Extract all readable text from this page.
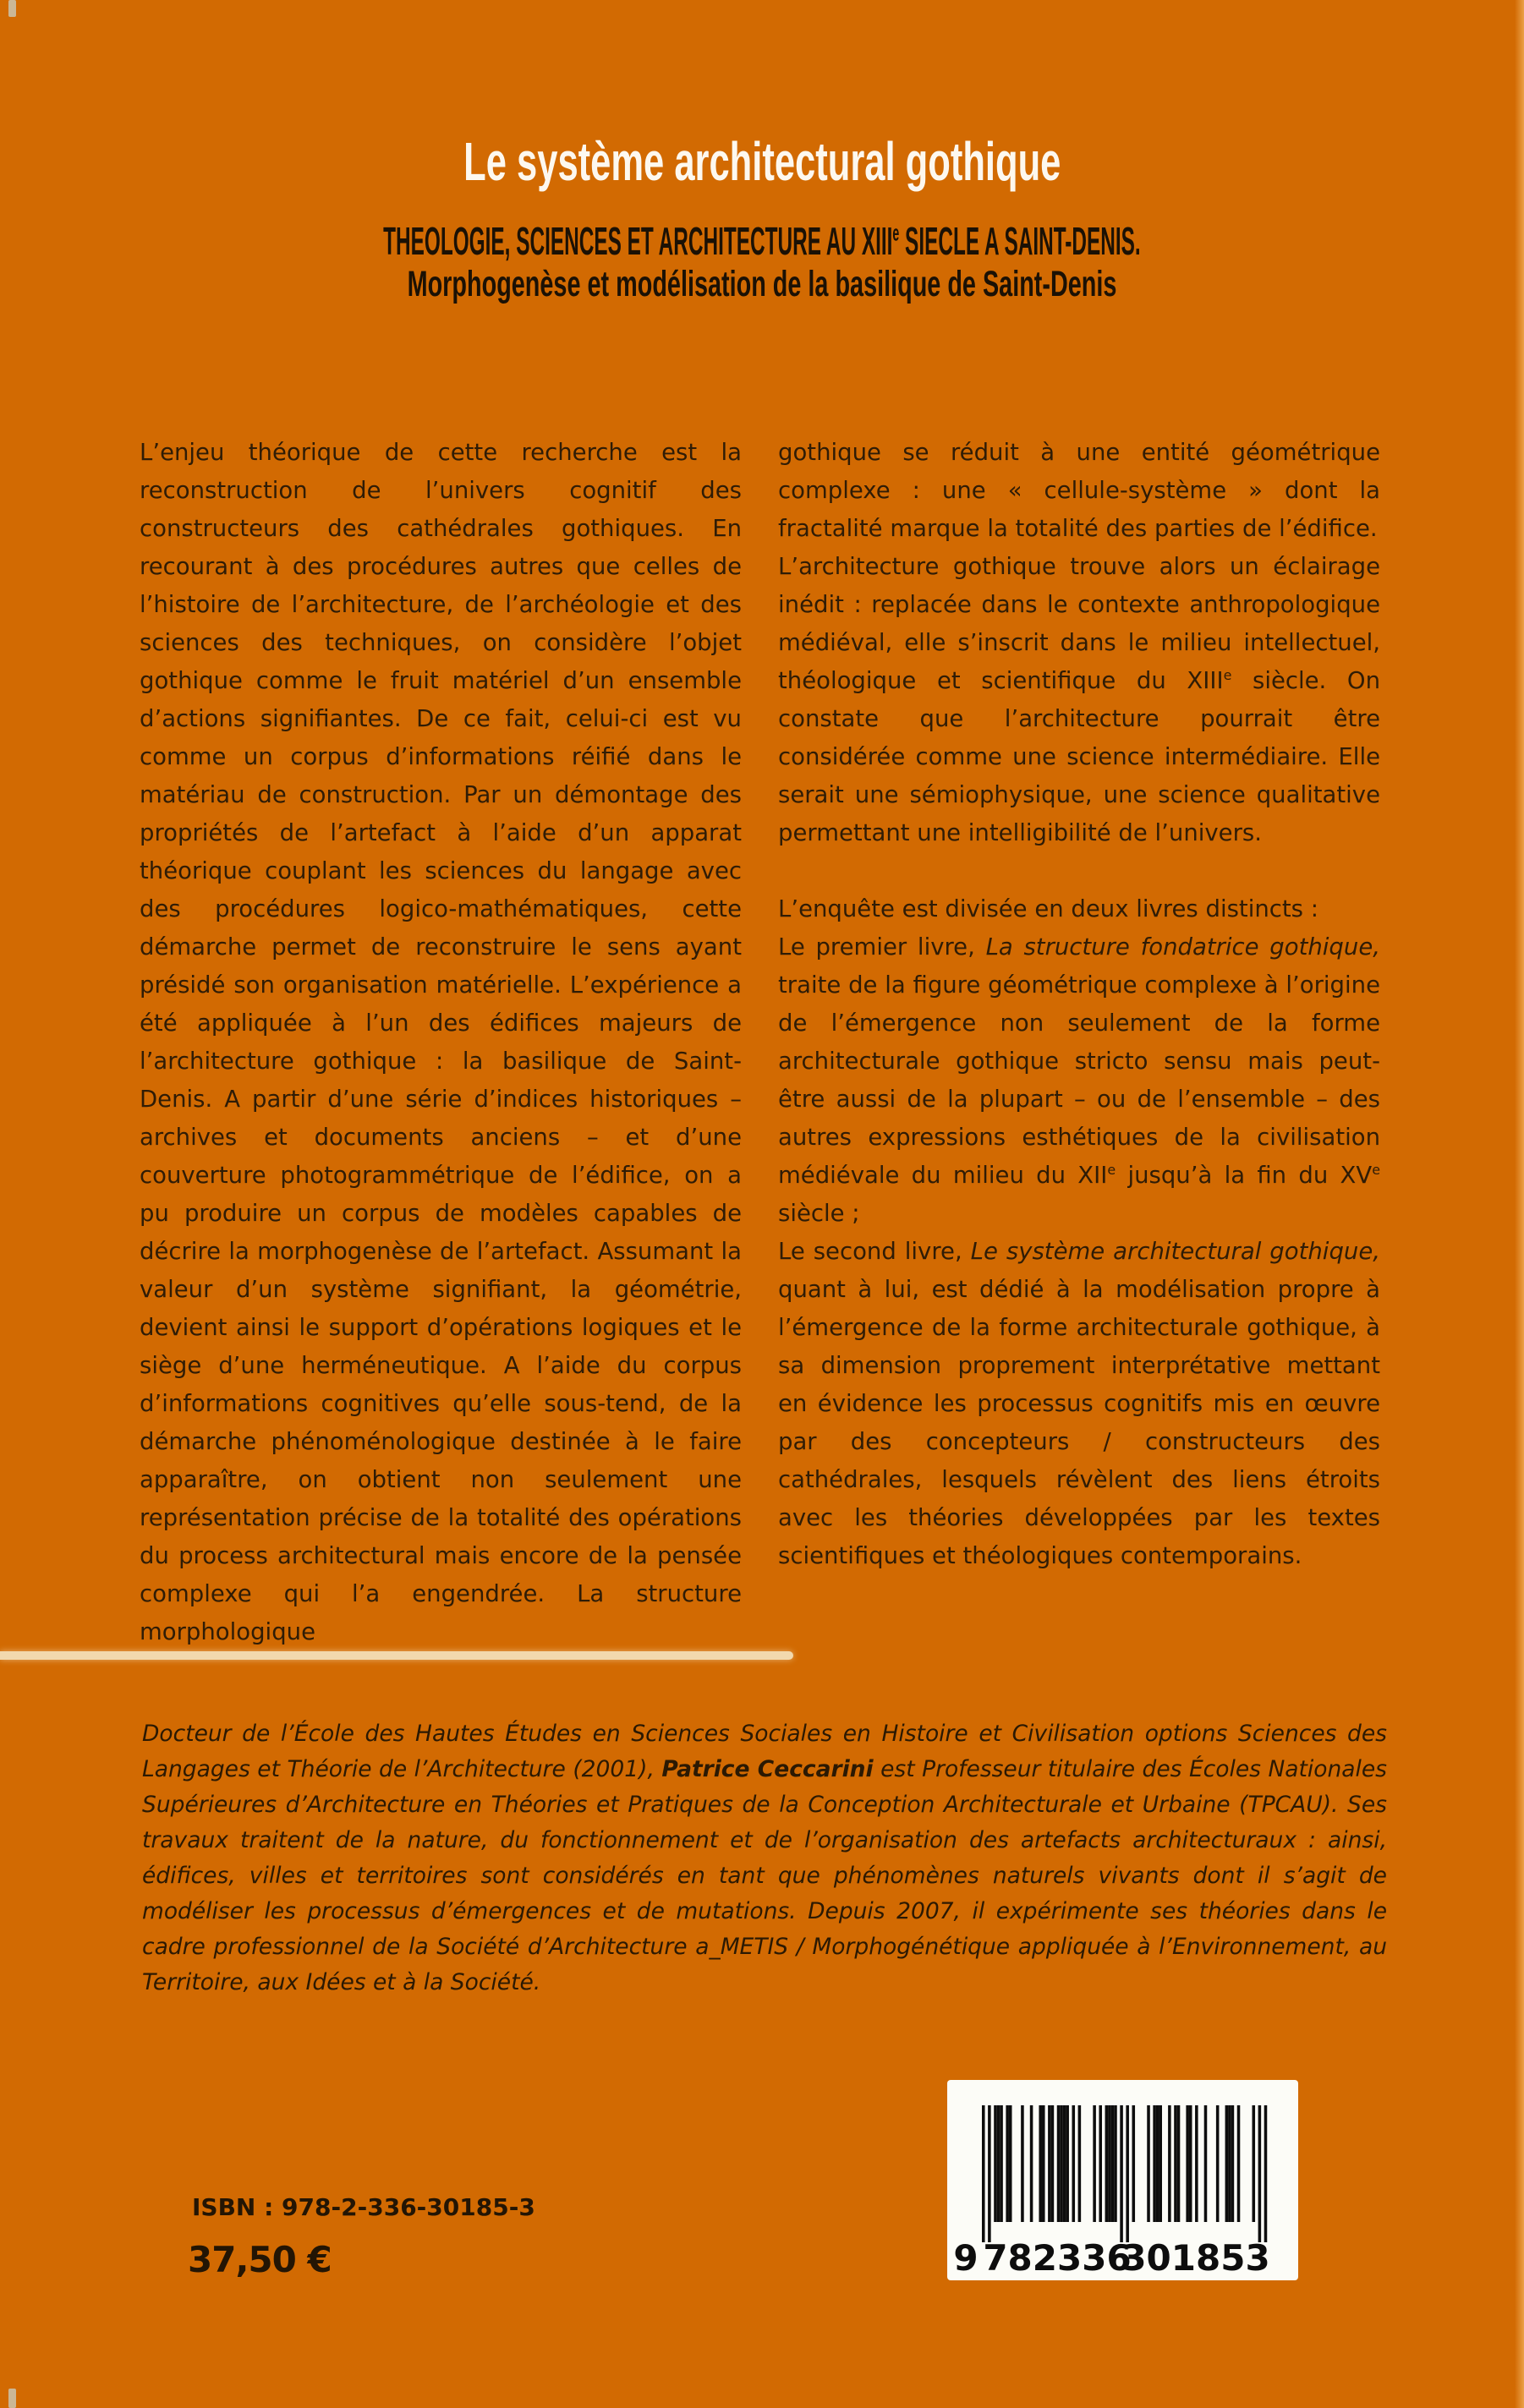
Le système architectural gothique
THEOLOGIE, SCIENCES ET ARCHITECTURE AU XIIIe SIECLE A SAINT-DENIS.
Morphogenèse et modélisation de la basilique de Saint-Denis

L’enjeu théorique de cette recherche est la reconstruction de l’univers cognitif des constructeurs des cathédrales gothiques. En recourant à des procédures autres que celles de l’histoire de l’architecture, de l’archéologie et des sciences des techniques, on considère l’objet gothique comme le fruit matériel d’un ensemble d’actions signifiantes. De ce fait, celui-ci est vu comme un corpus d’informations réifié dans le matériau de construction. Par un démontage des propriétés de l’artefact à l’aide d’un apparat théorique couplant les sciences du langage avec des procédures logico-mathématiques, cette démarche permet de reconstruire le sens ayant présidé son organisation matérielle. L’expérience a été appliquée à l’un des édifices majeurs de l’architecture gothique : la basilique de Saint-Denis. A partir d’une série d’indices historiques – archives et documents anciens – et d’une couverture photogrammétrique de l’édifice, on a pu produire un corpus de modèles capables de décrire la morphogenèse de l’artefact. Assumant la valeur d’un système signifiant, la géométrie, devient ainsi le support d’opérations logiques et le siège d’une herméneutique. A l’aide du corpus d’informations cognitives qu’elle sous-tend, de la démarche phénoménologique destinée à le faire apparaître, on obtient non seulement une représentation précise de la totalité des opérations du process architectural mais encore de la pensée complexe qui l’a engendrée. La structure morphologique

gothique se réduit à une entité géométrique complexe : une « cellule-système » dont la fractalité marque la totalité des parties de l’édifice.

L’architecture gothique trouve alors un éclairage inédit : replacée dans le contexte anthropologique médiéval, elle s’inscrit dans le milieu intellectuel, théologique et scientifique du XIIIe siècle. On constate que l’architecture pourrait être considérée comme une science intermédiaire. Elle serait une sémiophysique, une science qualitative permettant une intelligibilité de l’univers.

L’enquête est divisée en deux livres distincts :

Le premier livre, La structure fondatrice gothique, traite de la figure géométrique complexe à l’origine de l’émergence non seulement de la forme architecturale gothique stricto sensu mais peut-être aussi de la plupart – ou de l’ensemble – des autres expressions esthétiques de la civilisation médiévale du milieu du XIIe jusqu’à la fin du XVe siècle ;

Le second livre, Le système architectural gothique, quant à lui, est dédié à la modélisation propre à l’émergence de la forme architecturale gothique, à sa dimension proprement interprétative mettant en évidence les processus cognitifs mis en œuvre par des concepteurs / constructeurs des cathédrales, lesquels révèlent des liens étroits avec les théories développées par les textes scientifiques et théologiques contemporains.

Docteur de l’École des Hautes Études en Sciences Sociales en Histoire et Civilisation options Sciences des Langages et Théorie de l’Architecture (2001), Patrice Ceccarini est Professeur titulaire des Écoles Nationales Supérieures d’Architecture en Théories et Pratiques de la Conception Architecturale et Urbaine (TPCAU). Ses travaux traitent de la nature, du fonctionnement et de l’organisation des artefacts architecturaux : ainsi, édifices, villes et territoires sont considérés en tant que phénomènes naturels vivants dont il s’agit de modéliser les processus d’émergences et de mutations. Depuis 2007, il expérimente ses théories dans le cadre professionnel de la Société d’Architecture a_METIS / Morphogénétique appliquée à l’Environnement, au Territoire, aux Idées et à la Société.
ISBN : 978-2-336-30185-3
37,50 €	9 782336
301853
